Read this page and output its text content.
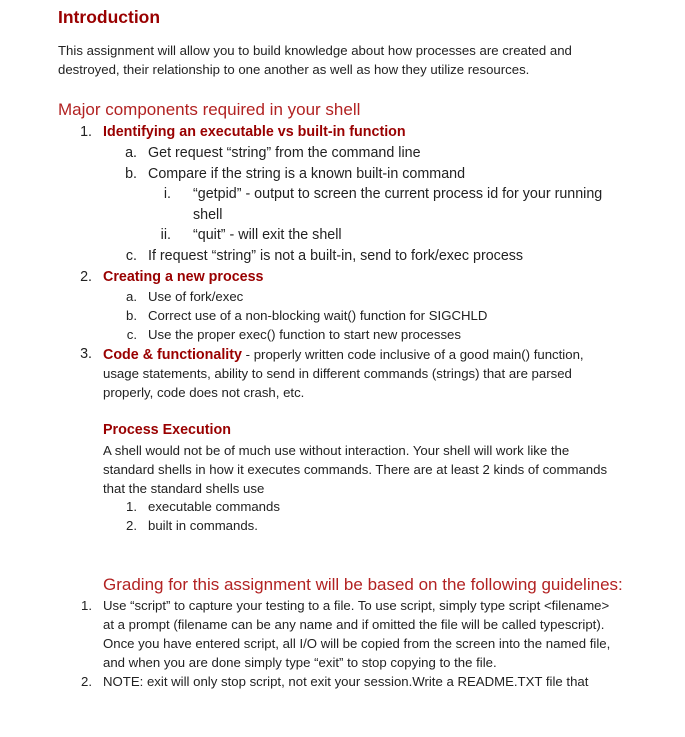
Introduction
This assignment will allow you to build knowledge about how processes are created and
destroyed, their relationship to one another as well as how they utilize resources.
Major components required in your shell
1. Identifying an executable vs built-in function
a. Get request “string” from the command line
b. Compare if the string is a known built-in command
i. “getpid” - output to screen the current process id for your running
shell
ii. “quit” - will exit the shell
c. If request “string” is not a built-in, send to fork/exec process
2. Creating a new process
a. Use of fork/exec
b. Correct use of a non-blocking wait() function for SIGCHLD
c. Use the proper exec() function to start new processes
3. Code & functionality - properly written code inclusive of a good main() function,
usage statements, ability to send in different commands (strings) that are parsed
properly, code does not crash, etc.
Process Execution
A shell would not be of much use without interaction. Your shell will work like the
standard shells in how it executes commands. There are at least 2 kinds of commands
that the standard shells use
1. executable commands
2. built in commands.
Grading for this assignment will be based on the following guidelines:
1. Use “script” to capture your testing to a file. To use script, simply type script <filename>
at a prompt (filename can be any name and if omitted the file will be called typescript).
Once you have entered script, all I/O will be copied from the screen into the named file,
and when you are done simply type “exit” to stop copying to the file.
2. NOTE: exit will only stop script, not exit your session.Write a README.TXT file that
